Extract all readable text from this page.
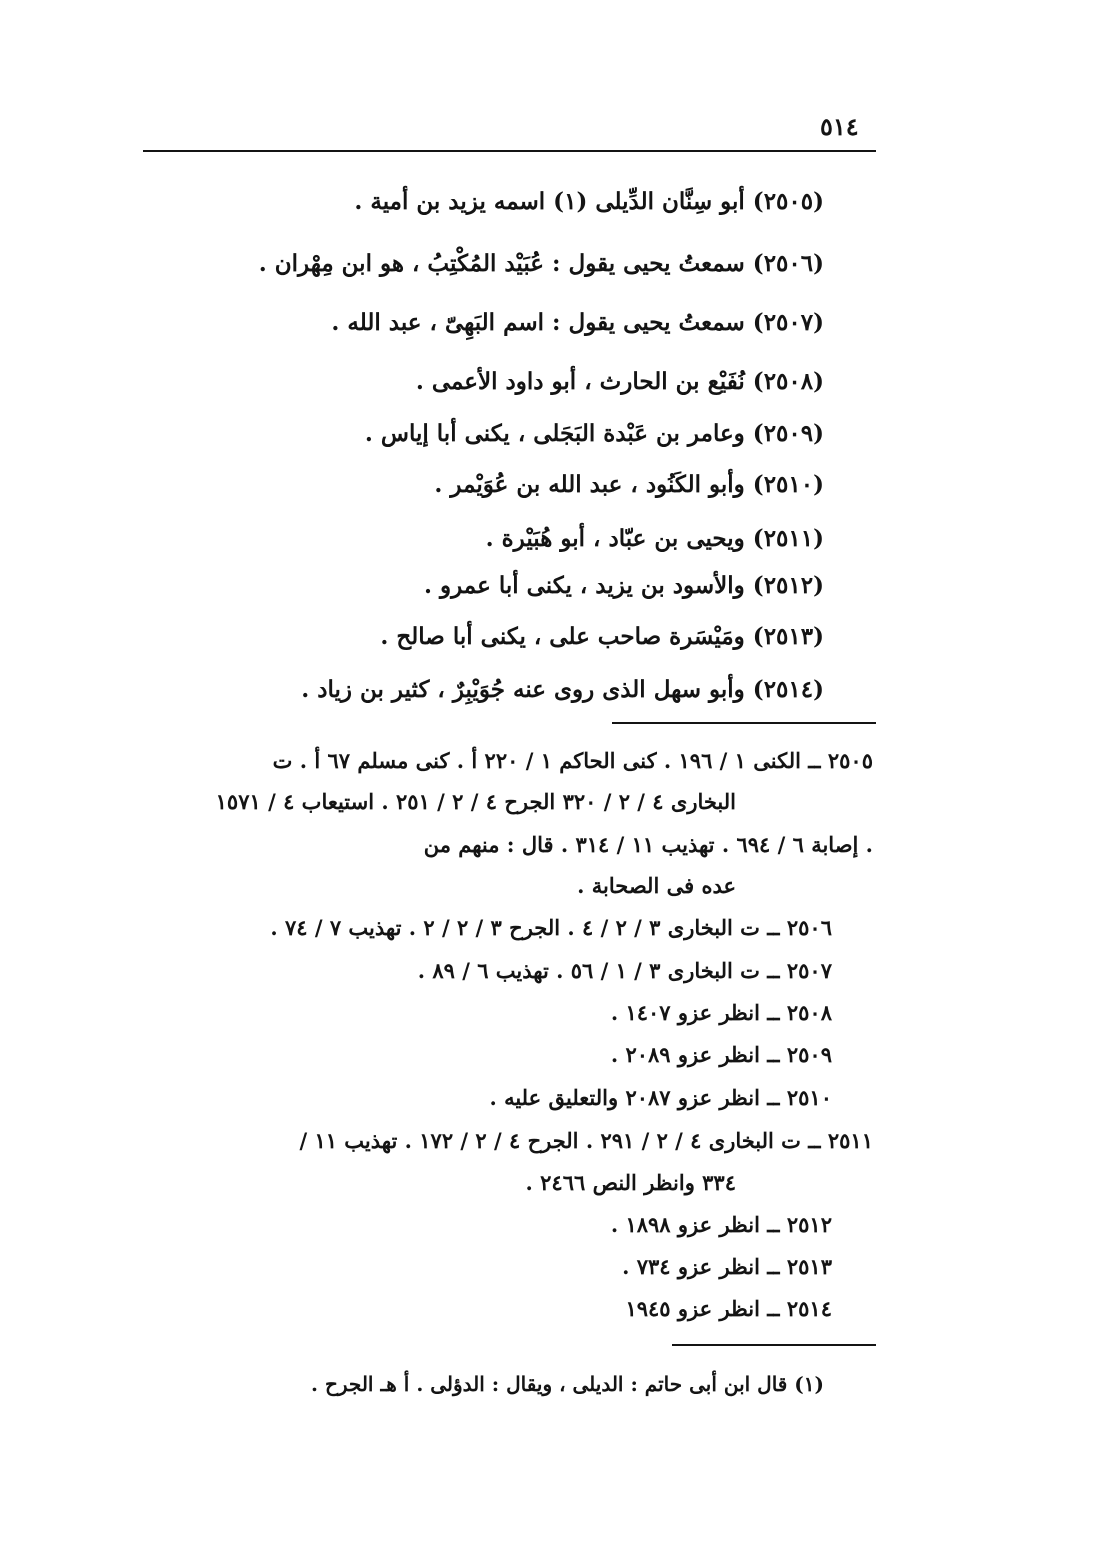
٥١٤
(٢٥٠٥)أبو سِنَّان الدِّيلى (١) اسمه يزيد بن أمية .
(٢٥٠٦)سمعتُ يحيى يقول : عُبَيْد المُكْتِبُ ، هو ابن مِهْران .
(٢٥٠٧)سمعتُ يحيى يقول : اسم البَهِىّ ، عبد الله .
(٢٥٠٨)نُفَيْع بن الحارث ، أبو داود الأعمى .
(٢٥٠٩)وعامر بن عَبْدة البَجَلى ، يكنى أبا إياس .
(٢٥١٠)وأبو الكَنُود ، عبد الله بن عُوَيْمر .
(٢٥١١)ويحيى بن عبّاد ، أبو هُبَيْرة .
(٢٥١٢)والأسود بن يزيد ، يكنى أبا عمرو .
(٢٥١٣)ومَيْسَرة صاحب على ، يكنى أبا صالح .
(٢٥١٤)وأبو سهل الذى روى عنه جُوَيْبِرٌ ، كثير بن زياد .
٢٥٠٥ ــ الكنى ١ / ١٩٦ . كنى الحاكم ١ / ٢٢٠ أ . كنى مسلم ٦٧ أ . ت
البخارى ٤ / ٢ / ٣٢٠ الجرح ٤ / ٢ / ٢٥١ . استيعاب ٤ / ١٥٧١
. إصابة ٦ / ٦٩٤ . تهذيب ١١ / ٣١٤ . قال : منهم من
عده فى الصحابة .
٢٥٠٦ ــ ت البخارى ٣ / ٢ / ٤ . الجرح ٣ / ٢ / ٢ . تهذيب ٧ / ٧٤ .
٢٥٠٧ ــ ت البخارى ٣ / ١ / ٥٦ . تهذيب ٦ / ٨٩ .
٢٥٠٨ ــ انظر عزو ١٤٠٧ .
٢٥٠٩ ــ انظر عزو ٢٠٨٩ .
٢٥١٠ ــ انظر عزو ٢٠٨٧ والتعليق عليه .
٢٥١١ ــ ت البخارى ٤ / ٢ / ٢٩١ . الجرح ٤ / ٢ / ١٧٢ . تهذيب ١١ /
٣٣٤ وانظر النص ٢٤٦٦ .
٢٥١٢ ــ انظر عزو ١٨٩٨ .
٢٥١٣ ــ انظر عزو ٧٣٤ .
٢٥١٤ ــ انظر عزو ١٩٤٥
(١) قال ابن أبى حاتم : الديلى ، ويقال : الدؤلى . أ هـ الجرح .
